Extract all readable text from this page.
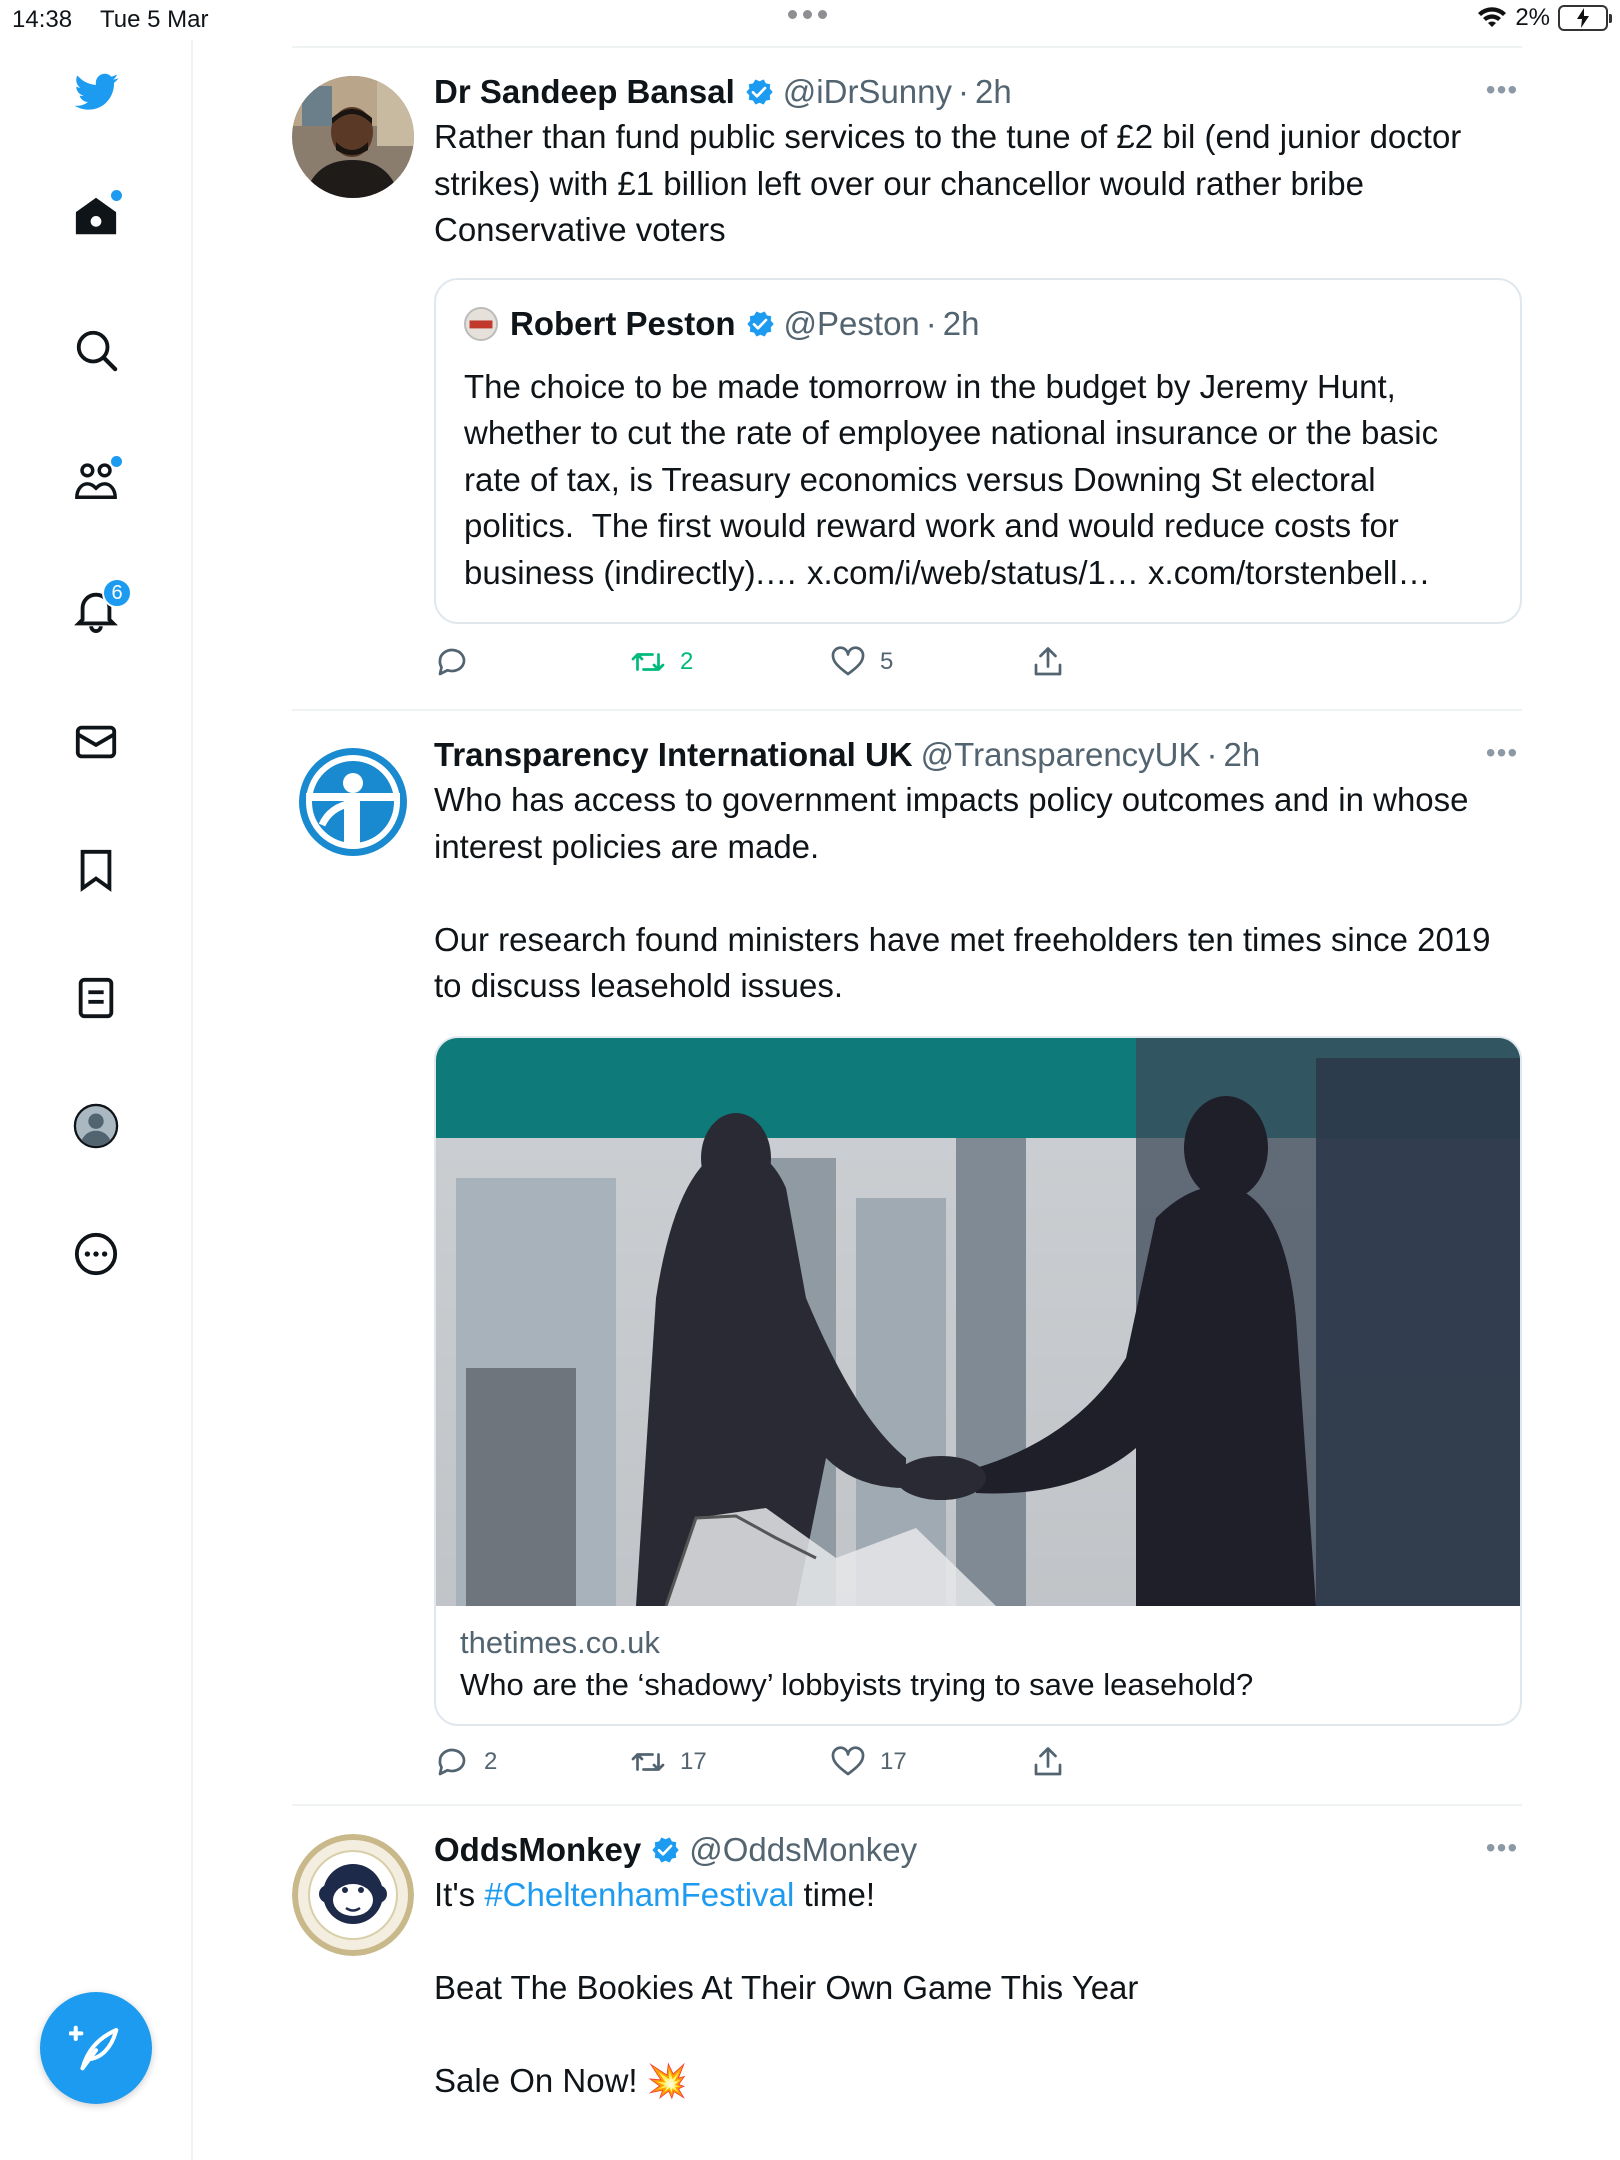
14:38 Tue 5 Mar	2%
6
Dr Sandeep Bansal @iDrSunny · 2h	•••
Rather than fund public services to the tune of £2 bil (end junior doctor strikes) with £1 billion left over our chancellor would rather bribe Conservative voters
Robert Peston @Peston · 2h
The choice to be made tomorrow in the budget by Jeremy Hunt, whether to cut the rate of employee national insurance or the basic rate of tax, is Treasury economics versus Downing St electoral politics.  The first would reward work and would reduce costs for business (indirectly).… x.com/i/web/status/1… x.com/torstenbell…
2	5
Transparency International UK @TransparencyUK · 2h	•••
Who has access to government impacts policy outcomes and in whose interest policies are made.

Our research found ministers have met freeholders ten times since 2019 to discuss leasehold issues.
thetimes.co.uk
Who are the ‘shadowy’ lobbyists trying to save leasehold?
2	17	17
OddsMonkey @OddsMonkey	•••
It's #CheltenhamFestival time!
Beat The Bookies At Their Own Game This Year

Sale On Now! 💥
